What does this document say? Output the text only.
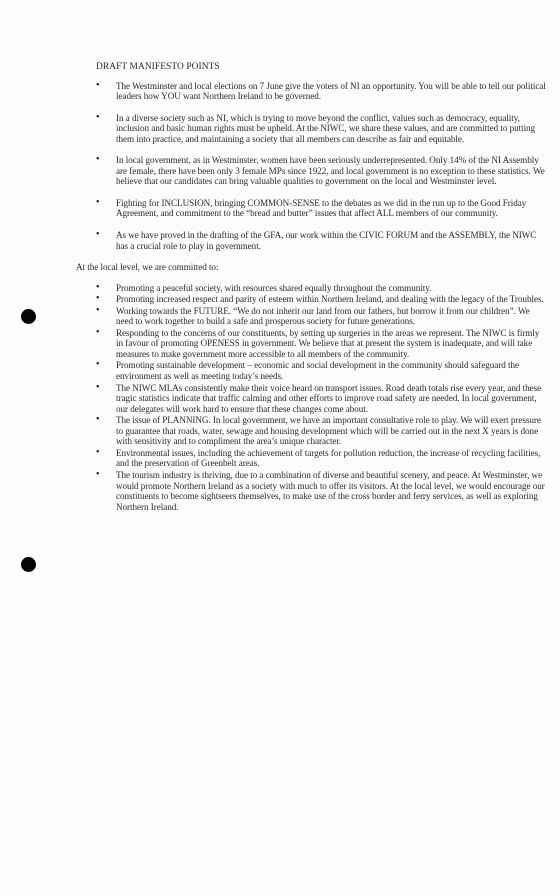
DRAFT MANIFESTO POINTS
• The Westminster and local elections on 7 June give the voters of NI an opportunity. You will be able to tell our political leaders how YOU want Northern Ireland to be governed.
• In a diverse society such as NI, which is trying to move beyond the conflict, values such as democracy, equality, inclusion and basic human rights must be upheld. At the NIWC, we share these values, and are committed to putting them into practice, and maintaining a society that all members can describe as fair and equitable.
• In local government, as in Westminster, women have been seriously underrepresented. Only 14% of the NI Assembly are female, there have been only 3 female MPs since 1922, and local government is no exception to these statistics. We believe that our candidates can bring valuable qualities to government on the local and Westminster level.
• Fighting for INCLUSION, bringing COMMON-SENSE to the debates as we did in the run up to the Good Friday Agreement, and commitment to the “bread and butter” issues that affect ALL members of our community.
• As we have proved in the drafting of the GFA, our work within the CIVIC FORUM and the ASSEMBLY, the NIWC has a crucial role to play in government.

At the local level, we are committed to:

• Promoting a peaceful society, with resources shared equally throughout the community.
• Promoting increased respect and parity of esteem within Northern Ireland, and dealing with the legacy of the Troubles.
• Working towards the FUTURE. “We do not inherit our land from our fathers, but borrow it from our children”. We need to work together to build a safe and prosperous society for future generations.
• Responding to the concerns of our constituents, by setting up surgeries in the areas we represent. The NIWC is firmly in favour of promoting OPENESS in government. We believe that at present the system is inadequate, and will take measures to make government more accessible to all members of the community.
• Promoting sustainable development – economic and social development in the community should safeguard the environment as well as meeting today’s needs.
• The NIWC MLAs consistently make their voice heard on transport issues. Road death totals rise every year, and these tragic statistics indicate that traffic calming and other efforts to improve road safety are needed. In local government, our delegates will work hard to ensure that these changes come about.
• The issue of PLANNING. In local government, we have an important consultative role to play. We will exert pressure to guarantee that roads, water, sewage and housing development which will be carried out in the next X years is done with sensitivity and to compliment the area’s unique character.
• Environmental issues, including the achievement of targets for pollution reduction, the increase of recycling facilities, and the preservation of Greenbelt areas.
• The tourism industry is thriving, due to a combination of diverse and beautiful scenery, and peace. At Westminster, we would promote Northern Ireland as a society with much to offer its visitors. At the local level, we would encourage our constituents to become sightseers themselves, to make use of the cross border and ferry services, as well as exploring Northern Ireland.
